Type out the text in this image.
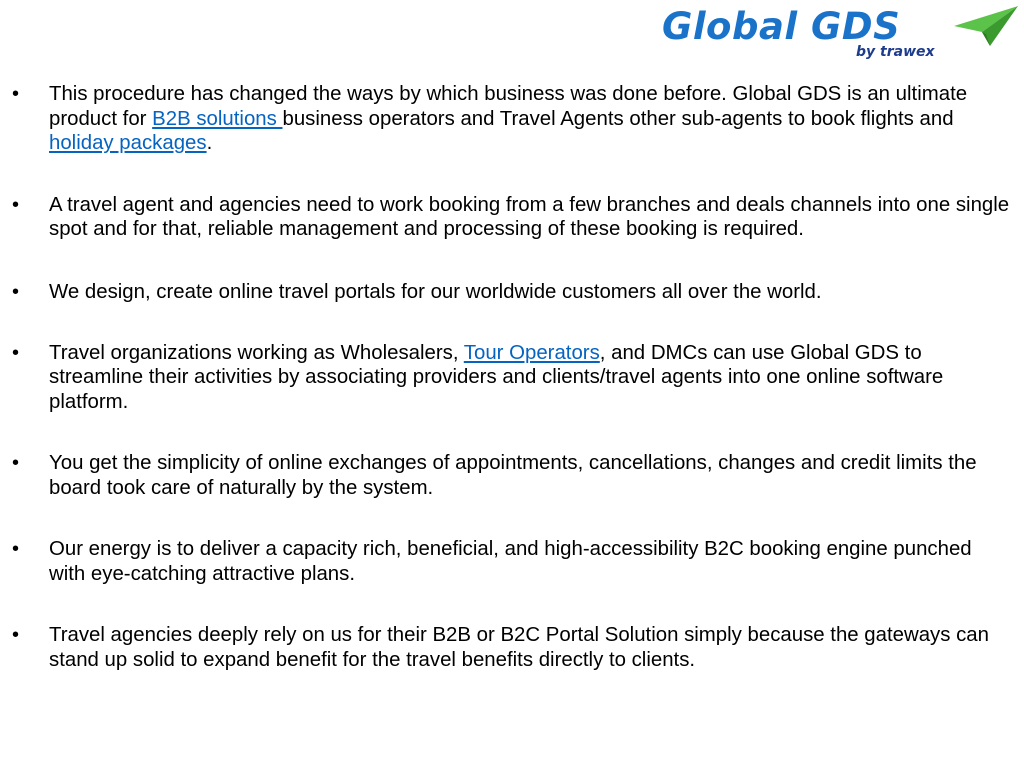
Global GDS
by trawex
• This procedure has changed the ways by which business was done before. Global GDS is an ultimate product for B2B solutions business operators and Travel Agents other sub-agents to book flights and holiday packages.
• A travel agent and agencies need to work booking from a few branches and deals channels into one single spot and for that, reliable management and processing of these booking is required.
• We design, create online travel portals for our worldwide customers all over the world.
• Travel organizations working as Wholesalers, Tour Operators, and DMCs can use Global GDS to streamline their activities by associating providers and clients/travel agents into one online software platform.
• You get the simplicity of online exchanges of appointments, cancellations, changes and credit limits the board took care of naturally by the system.
• Our energy is to deliver a capacity rich, beneficial, and high-accessibility B2C booking engine punched with eye-catching attractive plans.
• Travel agencies deeply rely on us for their B2B or B2C Portal Solution simply because the gateways can stand up solid to expand benefit for the travel benefits directly to clients.
